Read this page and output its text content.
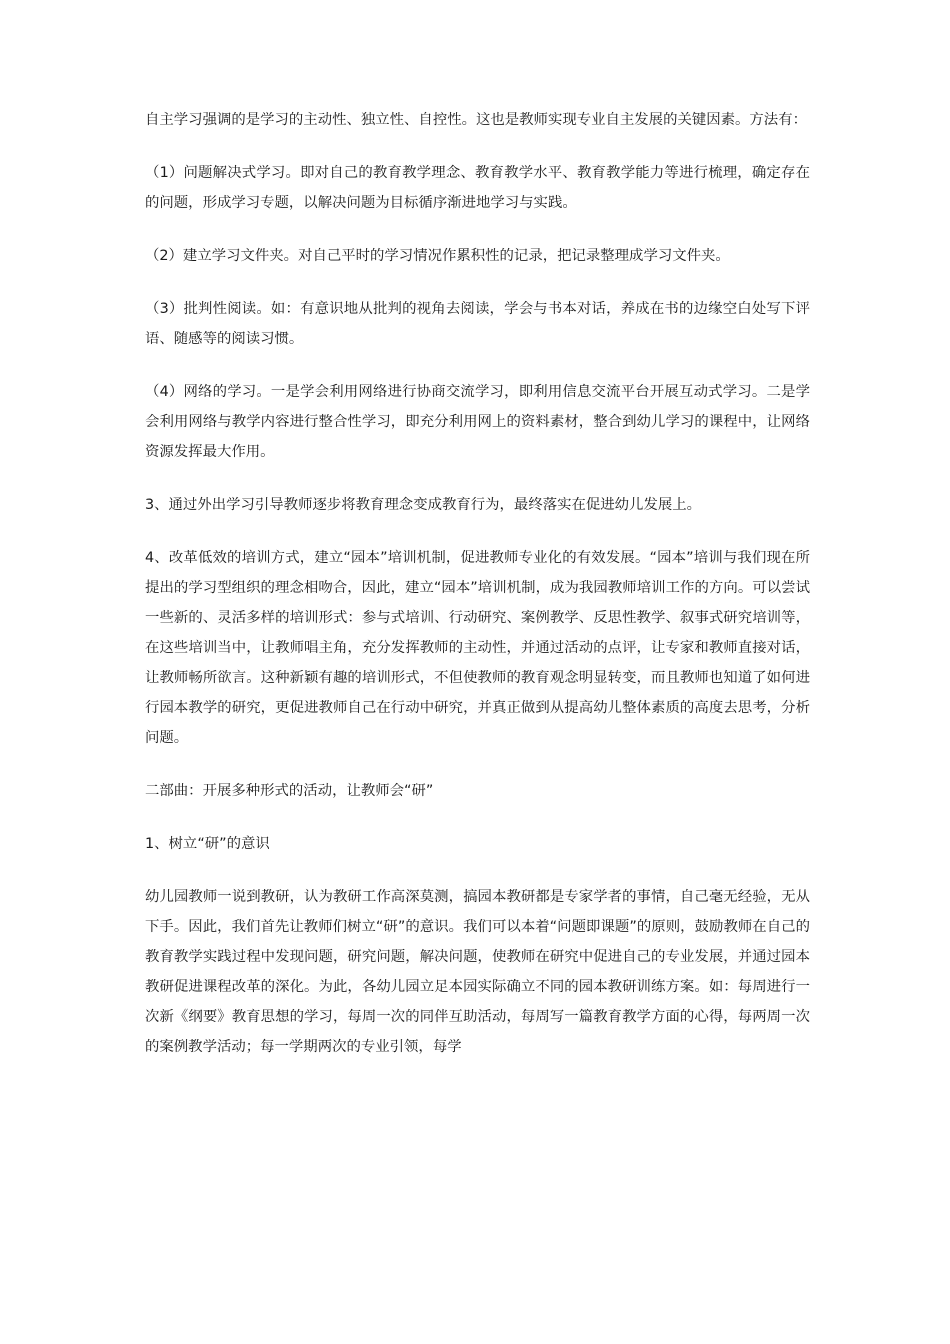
自主学习强调的是学习的主动性、独立性、自控性。这也是教师实现专业自主发展的关键因素。方法有：

（1）问题解决式学习。即对自己的教育教学理念、教育教学水平、教育教学能力等进行梳理，确定存在的问题，形成学习专题，以解决问题为目标循序渐进地学习与实践。

（2）建立学习文件夹。对自己平时的学习情况作累积性的记录，把记录整理成学习文件夹。

（3）批判性阅读。如：有意识地从批判的视角去阅读，学会与书本对话，养成在书的边缘空白处写下评语、随感等的阅读习惯。

（4）网络的学习。一是学会利用网络进行协商交流学习，即利用信息交流平台开展互动式学习。二是学会利用网络与教学内容进行整合性学习，即充分利用网上的资料素材，整合到幼儿学习的课程中，让网络资源发挥最大作用。

3、通过外出学习引导教师逐步将教育理念变成教育行为，最终落实在促进幼儿发展上。

4、改革低效的培训方式，建立“园本”培训机制，促进教师专业化的有效发展。“园本”培训与我们现在所提出的学习型组织的理念相吻合，因此，建立“园本”培训机制，成为我园教师培训工作的方向。可以尝试一些新的、灵活多样的培训形式：参与式培训、行动研究、案例教学、反思性教学、叙事式研究培训等，在这些培训当中，让教师唱主角，充分发挥教师的主动性，并通过活动的点评，让专家和教师直接对话，让教师畅所欲言。这种新颖有趣的培训形式，不但使教师的教育观念明显转变，而且教师也知道了如何进行园本教学的研究，更促进教师自己在行动中研究，并真正做到从提高幼儿整体素质的高度去思考，分析问题。

二部曲：开展多种形式的活动，让教师会“研”

1、树立“研”的意识

幼儿园教师一说到教研，认为教研工作高深莫测，搞园本教研都是专家学者的事情，自己毫无经验，无从下手。因此，我们首先让教师们树立“研”的意识。我们可以本着“问题即课题”的原则，鼓励教师在自己的教育教学实践过程中发现问题，研究问题，解决问题，使教师在研究中促进自己的专业发展，并通过园本教研促进课程改革的深化。为此，各幼儿园立足本园实际确立不同的园本教研训练方案。如：每周进行一次新《纲要》教育思想的学习，每周一次的同伴互助活动，每周写一篇教育教学方面的心得，每两周一次的案例教学活动；每一学期两次的专业引领，每学
